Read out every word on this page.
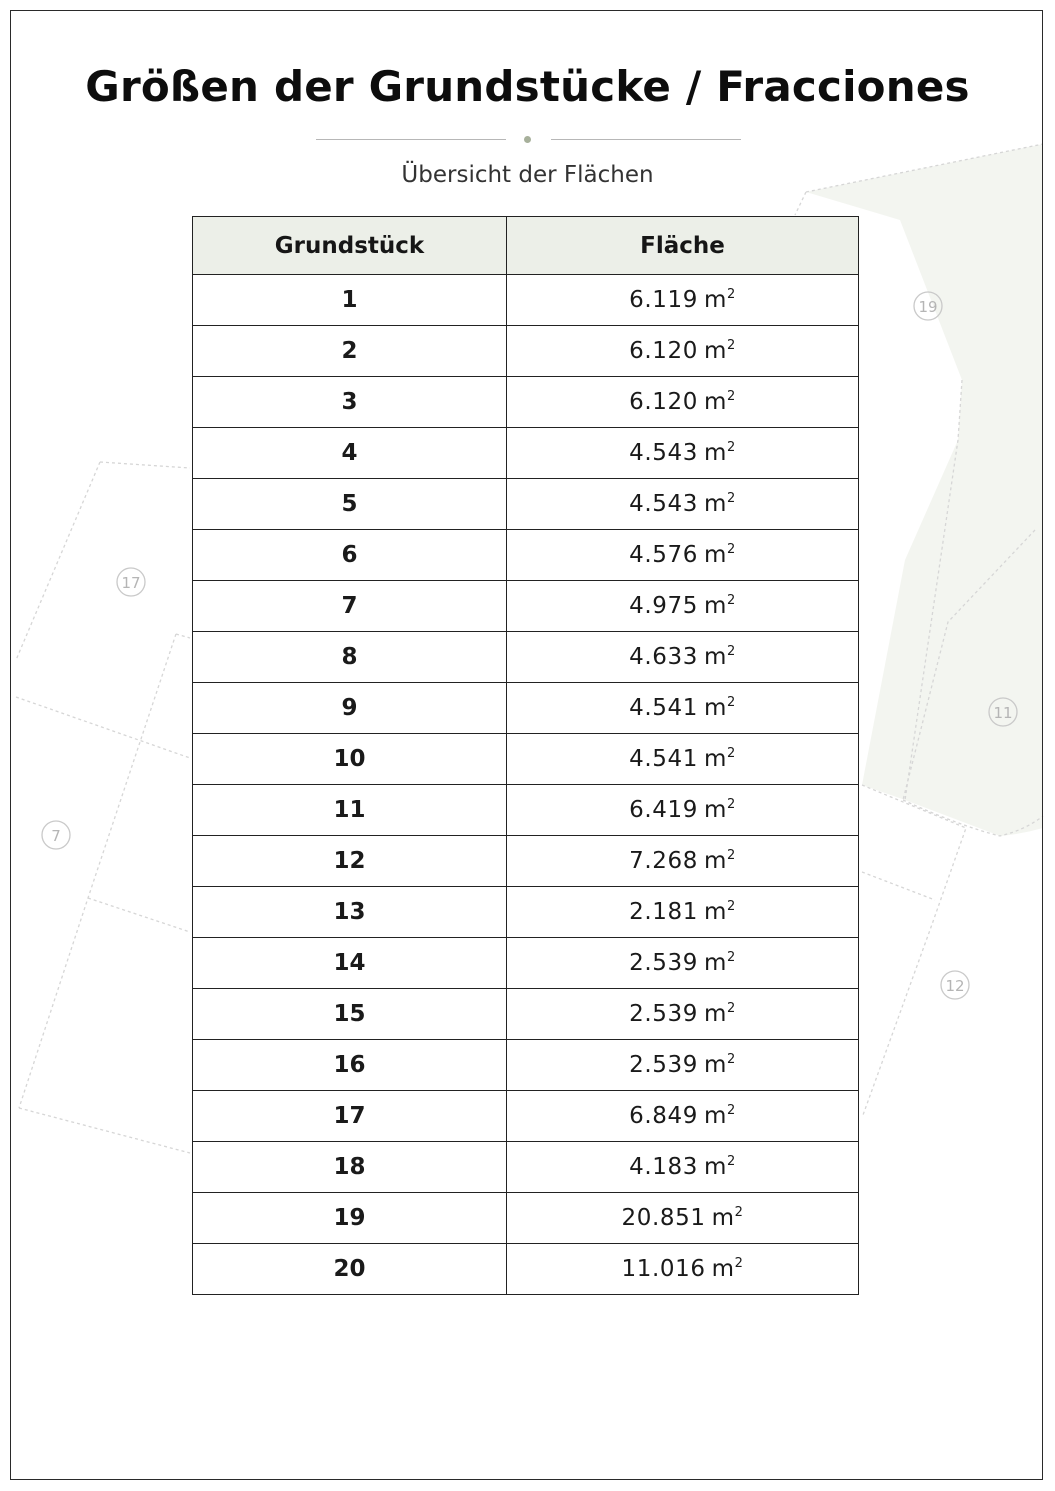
19
17
11
7
12
Größen der Grundstücke / Fracciones
Übersicht der Flächen
Grundstück	Fläche
1	6.119 $m^2$
2	6.120 $m^2$
3	6.120 $m^2$
4	4.543 $m^2$
5	4.543 $m^2$
6	4.576 $m^2$
7	4.975 $m^2$
8	4.633 $m^2$
9	4.541 $m^2$
10	4.541 $m^2$
11	6.419 $m^2$
12	7.268 $m^2$
13	2.181 $m^2$
14	2.539 $m^2$
15	2.539 $m^2$
16	2.539 $m^2$
17	6.849 $m^2$
18	4.183 $m^2$
19	20.851 $m^2$
20	11.016 $m^2$
